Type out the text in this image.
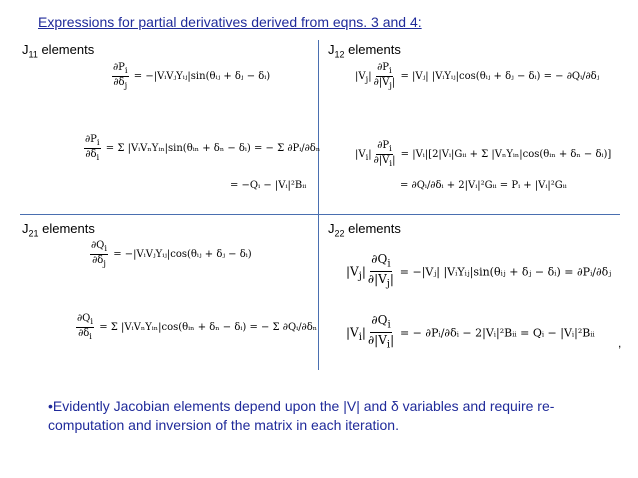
Expressions for partial derivatives derived from eqns. 3 and 4:
$J_{11}$ elements	$J_{12}$ elements
$J_{21}$ elements	$J_{22}$ elements
$\frac{\partial P_i}{\partial\delta_j}$ = −|VᵢVⱼYᵢⱼ|sin(θᵢⱼ + δⱼ − δᵢ)
$\frac{\partial P_i}{\partial\delta_i} = \Sigma$ |VᵢVₙYᵢₙ|sin(θᵢₙ + δₙ − δᵢ) = − Σ ∂Pᵢ/∂δₙ
= −Qᵢ − |Vᵢ|²Bᵢᵢ
$|V_j| \frac{\partial P_i}{\partial|V_j|}$ = |Vⱼ| |VᵢYᵢⱼ|cos(θᵢⱼ + δⱼ − δᵢ) = − ∂Qᵢ/∂δⱼ
$|V_i| \frac{\partial P_i}{\partial|V_i|}$ = |Vᵢ|[2|Vᵢ|Gᵢᵢ + Σ |VₙYᵢₙ|cos(θᵢₙ + δₙ − δᵢ)]
= ∂Qᵢ/∂δᵢ + 2|Vᵢ|²Gᵢᵢ = Pᵢ + |Vᵢ|²Gᵢᵢ
$\frac{\partial Q_i}{\partial\delta_j}$ = −|VᵢVⱼYᵢⱼ|cos(θᵢⱼ + δⱼ − δᵢ)
$\frac{\partial Q_i}{\partial\delta_i} = \Sigma$ |VᵢVₙYᵢₙ|cos(θᵢₙ + δₙ − δᵢ) = − Σ ∂Qᵢ/∂δₙ
$|V_j| \frac{\partial Q_i}{\partial|V_j|}$ = −|Vⱼ| |VᵢYᵢⱼ|sin(θᵢⱼ + δⱼ − δᵢ) = ∂Pᵢ/∂δⱼ
$|V_i| \frac{\partial Q_i}{\partial|V_i|}$ = − ∂Pᵢ/∂δᵢ − 2|Vᵢ|²Bᵢᵢ = Qᵢ − |Vᵢ|²Bᵢᵢ
,
•Evidently Jacobian elements depend upon the |V| and δ variables and require re-computation and inversion of the matrix in each iteration.
